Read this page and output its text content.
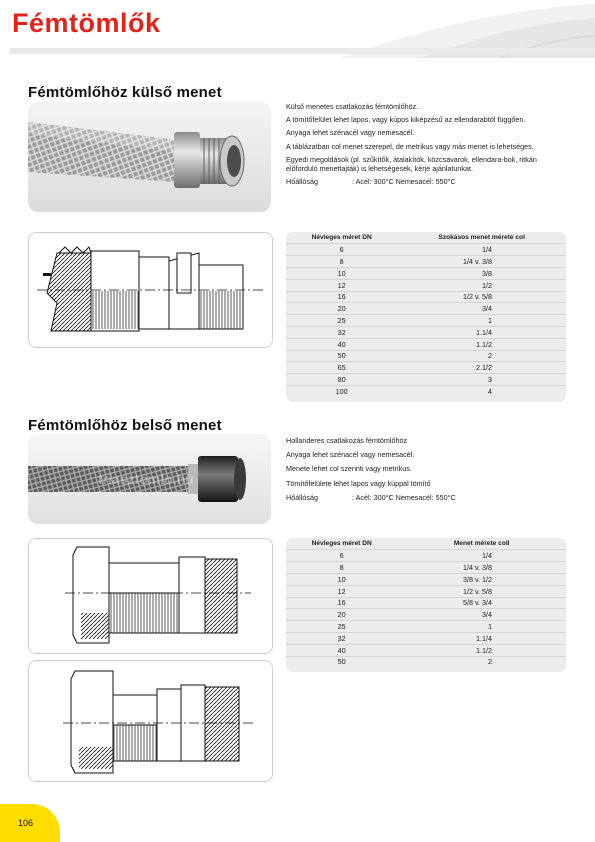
Fémtömlők
Fémtömlőhöz külső menet

Külső menetes csatlakozás fémtömlőhöz.

A tömítőfelület lehet lapos, vagy kúpos kiképzésű az ellendarabtól függően.

Anyaga lehet szénacél vagy nemesacél.

A táblázatban col menet szerepel, de metrikus vagy más menet is lehetséges.

Egyedi megoldások (pl. szűkítők, átalakítók, közcsavarok, ellendara-bok, ritkán előforduló menettajták) is lehetségesek, kérje ajánlatunkat.

Hőállóság	: Acél: 300°C Nemesacél: 550°C
Névleges méret DN	Szokásos menet mérete col
6	1/4
8	1/4 v. 3/8
10	3/8
12	1/2
16	1/2 v. 5/8
20	3/4
25	1
32	1.1/4
40	1.1/2
50	2
65	2.1/2
80	3
100	4
Fémtömlőhöz belső menet
triasztomlo.hu

Hollanderes csatlakozás fémtömlőhöz

Anyaga lehet szénacél vagy nemesacél.

Menete lehet col szerinti vagy metrikus.

Tömítőfelülete lehet lapos vagy kúppal tömítő

Hőállóság	: Acél: 300°C Nemesacél: 550°C
Névleges méret DN	Menet mérete coll
6	1/4
8	1/4 v. 3/8
10	3/8 v. 1/2
12	1/2 v. 5/8
16	5/8 v. 3/4
20	3/4
25	1
32	1.1/4
40	1.1/2
50	2
106
